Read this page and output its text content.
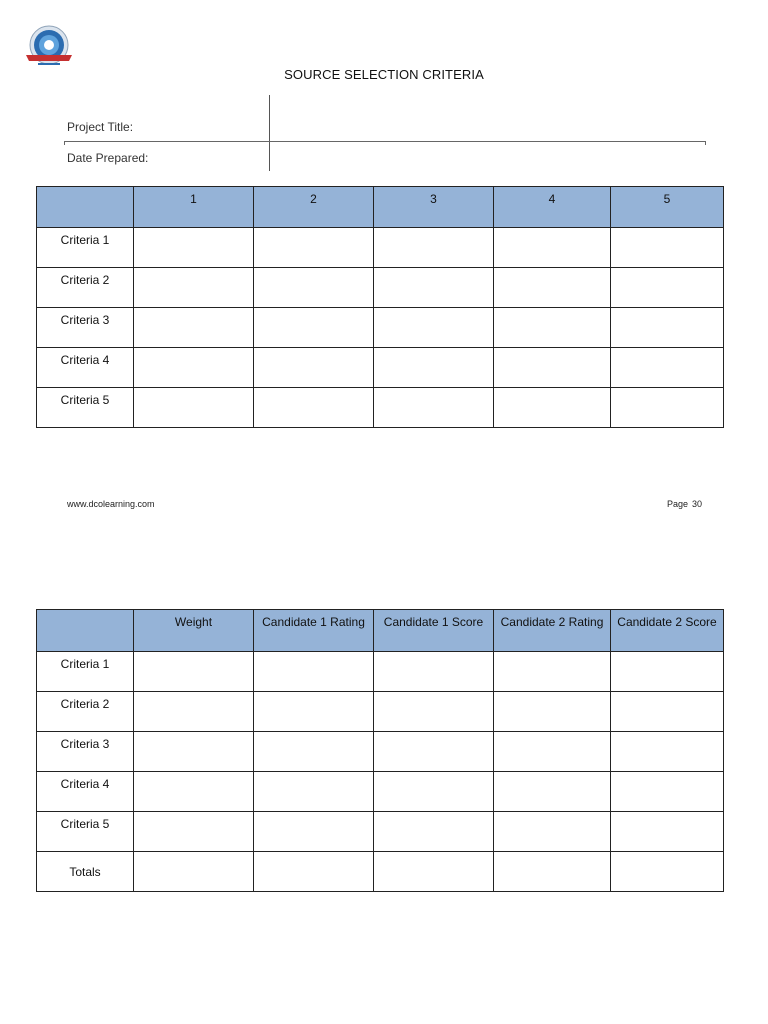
SOURCE SELECTION CRITERIA
Project Title:
Date Prepared:
	1	2	3	4	5
Criteria 1					
Criteria 2					
Criteria 3					
Criteria 4					
Criteria 5					
www.dcolearning.com	Page 30
	Weight	Candidate 1 Rating	Candidate 1 Score	Candidate 2 Rating	Candidate 2 Score
Criteria 1					
Criteria 2					
Criteria 3					
Criteria 4					
Criteria 5					
Totals					
